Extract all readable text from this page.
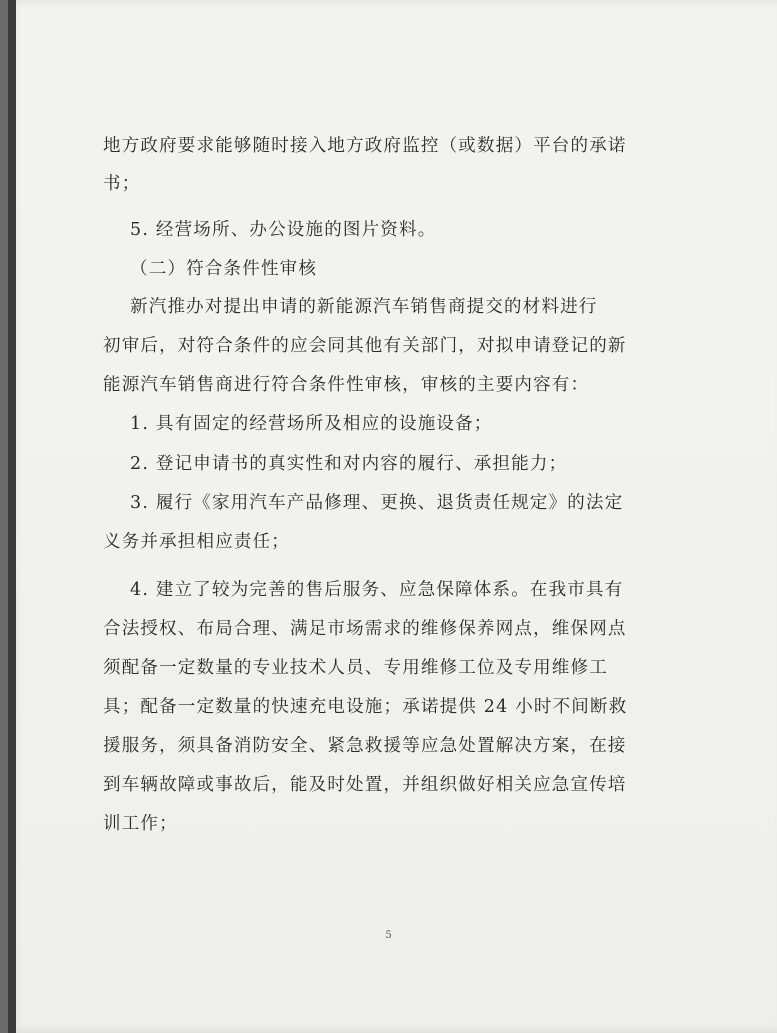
地方政府要求能够随时接入地方政府监控（或数据）平台的承诺
书；
5. 经营场所、办公设施的图片资料。
（二）符合条件性审核
新汽推办对提出申请的新能源汽车销售商提交的材料进行
初审后，对符合条件的应会同其他有关部门，对拟申请登记的新
能源汽车销售商进行符合条件性审核，审核的主要内容有：
1. 具有固定的经营场所及相应的设施设备；
2. 登记申请书的真实性和对内容的履行、承担能力；
3. 履行《家用汽车产品修理、更换、退货责任规定》的法定
义务并承担相应责任；
4. 建立了较为完善的售后服务、应急保障体系。在我市具有
合法授权、布局合理、满足市场需求的维修保养网点，维保网点
须配备一定数量的专业技术人员、专用维修工位及专用维修工
具；配备一定数量的快速充电设施；承诺提供 24 小时不间断救
援服务，须具备消防安全、紧急救援等应急处置解决方案，在接
到车辆故障或事故后，能及时处置，并组织做好相关应急宣传培
训工作；
5
